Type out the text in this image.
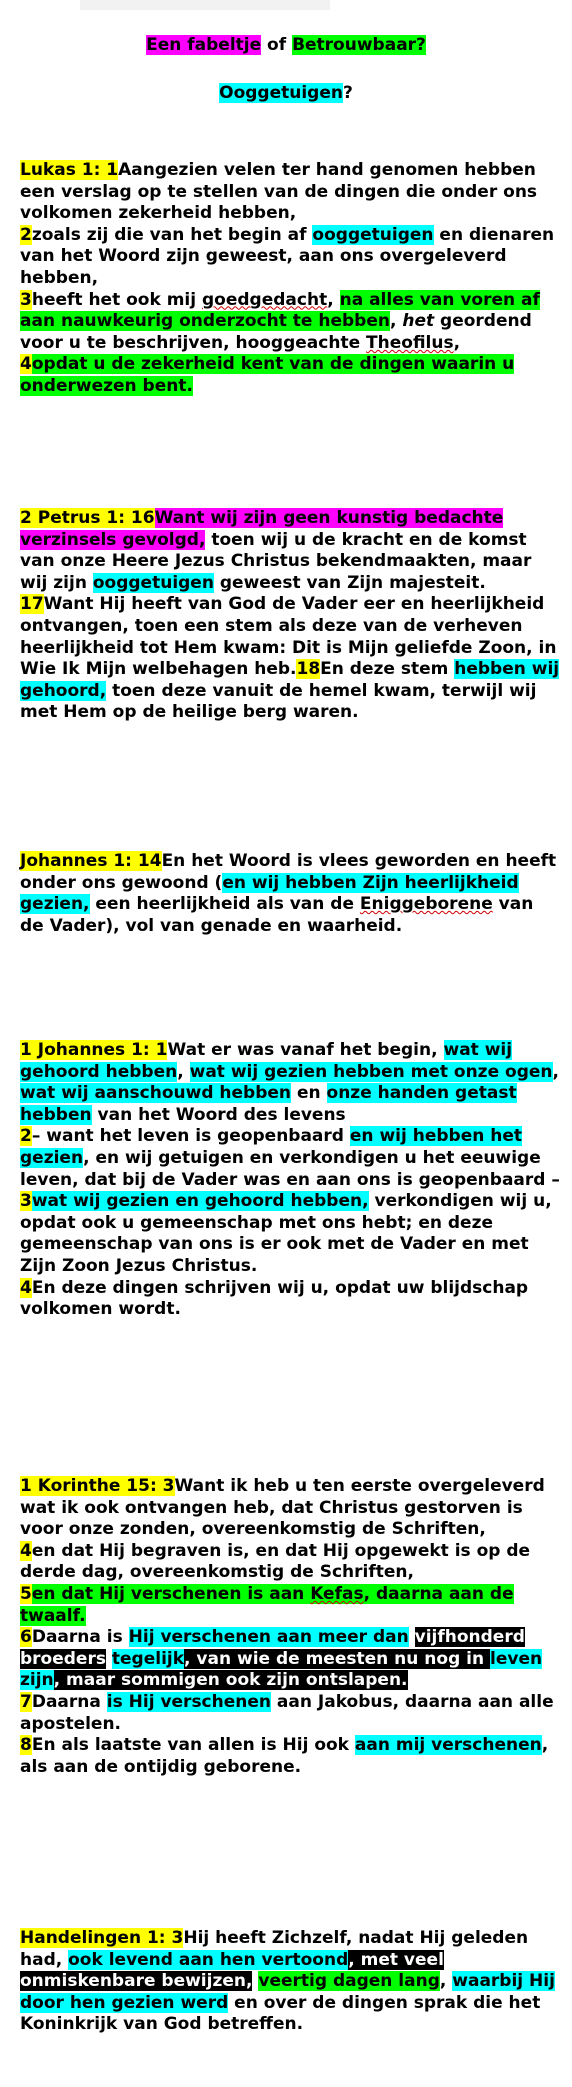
Een fabeltje of Betrouwbaar?
Ooggetuigen?
Lukas 1: 1Aangezien velen ter hand genomen hebben een verslag op te stellen van de dingen die onder ons volkomen zekerheid hebben,
2zoals zij die van het begin af ooggetuigen en dienaren van het Woord zijn geweest, aan ons overgeleverd hebben,
3heeft het ook mij goedgedacht, na alles van voren af aan nauwkeurig onderzocht te hebben, het geordend voor u te beschrijven, hooggeachte Theofilus,
4opdat u de zekerheid kent van de dingen waarin u onderwezen bent.
2 Petrus 1: 16Want wij zijn geen kunstig bedachte verzinsels gevolgd, toen wij u de kracht en de komst van onze Heere Jezus Christus bekendmaakten, maar wij zijn ooggetuigen geweest van Zijn majesteit.
17Want Hij heeft van God de Vader eer en heerlijkheid ontvangen, toen een stem als deze van de verheven heerlijkheid tot Hem kwam: Dit is Mijn geliefde Zoon, in Wie Ik Mijn welbehagen heb.18En deze stem hebben wij gehoord, toen deze vanuit de hemel kwam, terwijl wij met Hem op de heilige berg waren.
Johannes 1: 14En het Woord is vlees geworden en heeft onder ons gewoond (en wij hebben Zijn heerlijkheid gezien, een heerlijkheid als van de Eniggeborene van de Vader), vol van genade en waarheid.
1 Johannes 1: 1Wat er was vanaf het begin, wat wij gehoord hebben, wat wij gezien hebben met onze ogen, wat wij aanschouwd hebben en onze handen getast hebben van het Woord des levens
2– want het leven is geopenbaard en wij hebben het gezien, en wij getuigen en verkondigen u het eeuwige leven, dat bij de Vader was en aan ons is geopenbaard –
3wat wij gezien en gehoord hebben, verkondigen wij u, opdat ook u gemeenschap met ons hebt; en deze gemeenschap van ons is er ook met de Vader en met Zijn Zoon Jezus Christus.
4En deze dingen schrijven wij u, opdat uw blijdschap volkomen wordt.
1 Korinthe 15: 3Want ik heb u ten eerste overgeleverd wat ik ook ontvangen heb, dat Christus gestorven is voor onze zonden, overeenkomstig de Schriften,
4en dat Hij begraven is, en dat Hij opgewekt is op de derde dag, overeenkomstig de Schriften,
5en dat Hij verschenen is aan Kefas, daarna aan de twaalf.
6Daarna is Hij verschenen aan meer dan vijfhonderd broeders tegelijk, van wie de meesten nu nog in leven zijn, maar sommigen ook zijn ontslapen.
7Daarna is Hij verschenen aan Jakobus, daarna aan alle apostelen.
8En als laatste van allen is Hij ook aan mij verschenen, als aan de ontijdig geborene.
Handelingen 1: 3Hij heeft Zichzelf, nadat Hij geleden had, ook levend aan hen vertoond, met veel onmiskenbare bewijzen, veertig dagen lang, waarbij Hij door hen gezien werd en over de dingen sprak die het Koninkrijk van God betreffen.
